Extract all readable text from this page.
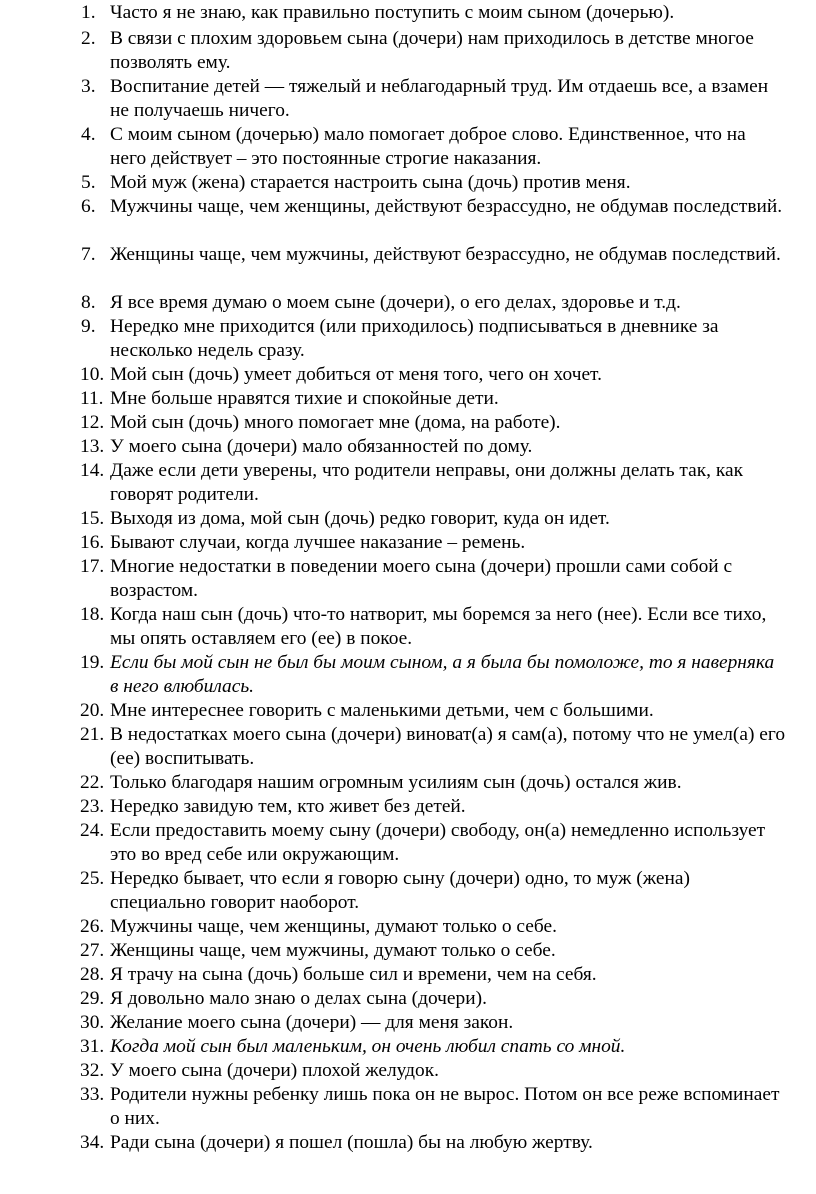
1. Часто я не знаю, как правильно поступить с моим сыном (дочерью).
2. В связи с плохим здоровьем сына (дочери) нам приходилось в детстве многое позволять ему.
3. Воспитание детей — тяжелый и неблагодарный труд. Им отдаешь все, а взамен не получаешь ничего.
4. С моим сыном (дочерью) мало помогает доброе слово. Единственное, что на него действует – это постоянные строгие наказания.
5. Мой муж (жена) старается настроить сына (дочь) против меня.
6. Мужчины чаще, чем женщины, действуют безрассудно, не обдумав последствий.
7. Женщины чаще, чем мужчины, действуют безрассудно, не обдумав последствий.
8. Я все время думаю о моем сыне (дочери), о его делах, здоровье и т.д.
9. Нередко мне приходится (или приходилось) подписываться в дневнике за несколько недель сразу.
10. Мой сын (дочь) умеет добиться от меня того, чего он хочет.
11. Мне больше нравятся тихие и спокойные дети.
12. Мой сын (дочь) много помогает мне (дома, на работе).
13. У моего сына (дочери) мало обязанностей по дому.
14. Даже если дети уверены, что родители неправы, они должны делать так, как говорят родители.
15. Выходя из дома, мой сын (дочь) редко говорит, куда он идет.
16. Бывают случаи, когда лучшее наказание – ремень.
17. Многие недостатки в поведении моего сына (дочери) прошли сами собой с возрастом.
18. Когда наш сын (дочь) что-то натворит, мы боремся за него (нее). Если все тихо, мы опять оставляем его (ее) в покое.
19. Если бы мой сын не был бы моим сыном, а я была бы помоложе, то я наверняка в него влюбилась.
20. Мне интереснее говорить с маленькими детьми, чем с большими.
21. В недостатках моего сына (дочери) виноват(а) я сам(а), потому что не умел(а) его (ее) воспитывать.
22. Только благодаря нашим огромным усилиям сын (дочь) остался жив.
23. Нередко завидую тем, кто живет без детей.
24. Если предоставить моему сыну (дочери) свободу, он(а) немедленно использует это во вред себе или окружающим.
25. Нередко бывает, что если я говорю сыну (дочери) одно, то муж (жена) специально говорит наоборот.
26. Мужчины чаще, чем женщины, думают только о себе.
27. Женщины чаще, чем мужчины, думают только о себе.
28. Я трачу на сына (дочь) больше сил и времени, чем на себя.
29. Я довольно мало знаю о делах сына (дочери).
30. Желание моего сына (дочери) — для меня закон.
31. Когда мой сын был маленьким, он очень любил спать со мной.
32. У моего сына (дочери) плохой желудок.
33. Родители нужны ребенку лишь пока он не вырос. Потом он все реже вспоминает о них.
34. Ради сына (дочери) я пошел (пошла) бы на любую жертву.
